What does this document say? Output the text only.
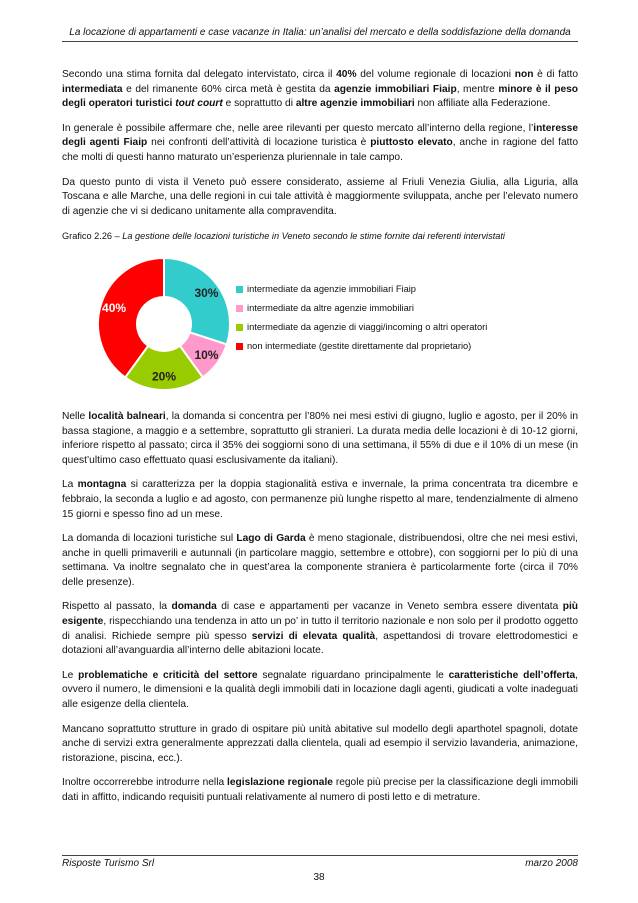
La locazione di appartamenti e case vacanze in Italia: un’analisi del mercato e della soddisfazione della domanda

Secondo una stima fornita dal delegato intervistato, circa il 40% del volume regionale di locazioni non è di fatto intermediata e del rimanente 60% circa metà è gestita da agenzie immobiliari Fiaip, mentre minore è il peso degli operatori turistici tout court e soprattutto di altre agenzie immobiliari non affiliate alla Federazione.

In generale è possibile affermare che, nelle aree rilevanti per questo mercato all’interno della regione, l’interesse degli agenti Fiaip nei confronti dell’attività di locazione turistica è piuttosto elevato, anche in ragione del fatto che molti di questi hanno maturato un’esperienza pluriennale in tale campo.

Da questo punto di vista il Veneto può essere considerato, assieme al Friuli Venezia Giulia, alla Liguria, alla Toscana e alle Marche, una delle regioni in cui tale attività è maggiormente sviluppata, anche per l’elevato numero di agenzie che vi si dedicano unitamente alla compravendita.

Grafico 2.26 – La gestione delle locazioni turistiche in Veneto secondo le stime fornite dai referenti intervistati
30%
10%
20%
40%
intermediate da agenzie immobiliari Fiaip
intermediate da altre agenzie immobiliari
intermediate da agenzie di viaggi/incoming o altri operatori
non intermediate (gestite direttamente dal proprietario)

Nelle località balneari, la domanda si concentra per l’80% nei mesi estivi di giugno, luglio e agosto, per il 20% in bassa stagione, a maggio e a settembre, soprattutto gli stranieri. La durata media delle locazioni è di 10-12 giorni, inferiore rispetto al passato; circa il 35% dei soggiorni sono di una settimana, il 55% di due e il 10% di un mese (in quest’ultimo caso effettuato quasi esclusivamente da italiani).

La montagna si caratterizza per la doppia stagionalità estiva e invernale, la prima concentrata tra dicembre e febbraio, la seconda a luglio e ad agosto, con permanenze più lunghe rispetto al mare, tendenzialmente di almeno 15 giorni e spesso fino ad un mese.

La domanda di locazioni turistiche sul Lago di Garda è meno stagionale, distribuendosi, oltre che nei mesi estivi, anche in quelli primaverili e autunnali (in particolare maggio, settembre e ottobre), con soggiorni per lo più di una settimana. Va inoltre segnalato che in quest’area la componente straniera è particolarmente forte (circa il 70% delle presenze).

Rispetto al passato, la domanda di case e appartamenti per vacanze in Veneto sembra essere diventata più esigente, rispecchiando una tendenza in atto un po’ in tutto il territorio nazionale e non solo per il prodotto oggetto di analisi. Richiede sempre più spesso servizi di elevata qualità, aspettandosi di trovare elettrodomestici e dotazioni all’avanguardia all’interno delle abitazioni locate.

Le problematiche e criticità del settore segnalate riguardano principalmente le caratteristiche dell’offerta, ovvero il numero, le dimensioni e la qualità degli immobili dati in locazione dagli agenti, giudicati a volte inadeguati alle esigenze della clientela.

Mancano soprattutto strutture in grado di ospitare più unità abitative sul modello degli aparthotel spagnoli, dotate anche di servizi extra generalmente apprezzati dalla clientela, quali ad esempio il servizio lavanderia, animazione, ristorazione, piscina, ecc.).

Inoltre occorrerebbe introdurre nella legislazione regionale regole più precise per la classificazione degli immobili dati in affitto, indicando requisiti puntuali relativamente al numero di posti letto e di metrature.

Risposte Turismo Srl	marzo 2008
38
